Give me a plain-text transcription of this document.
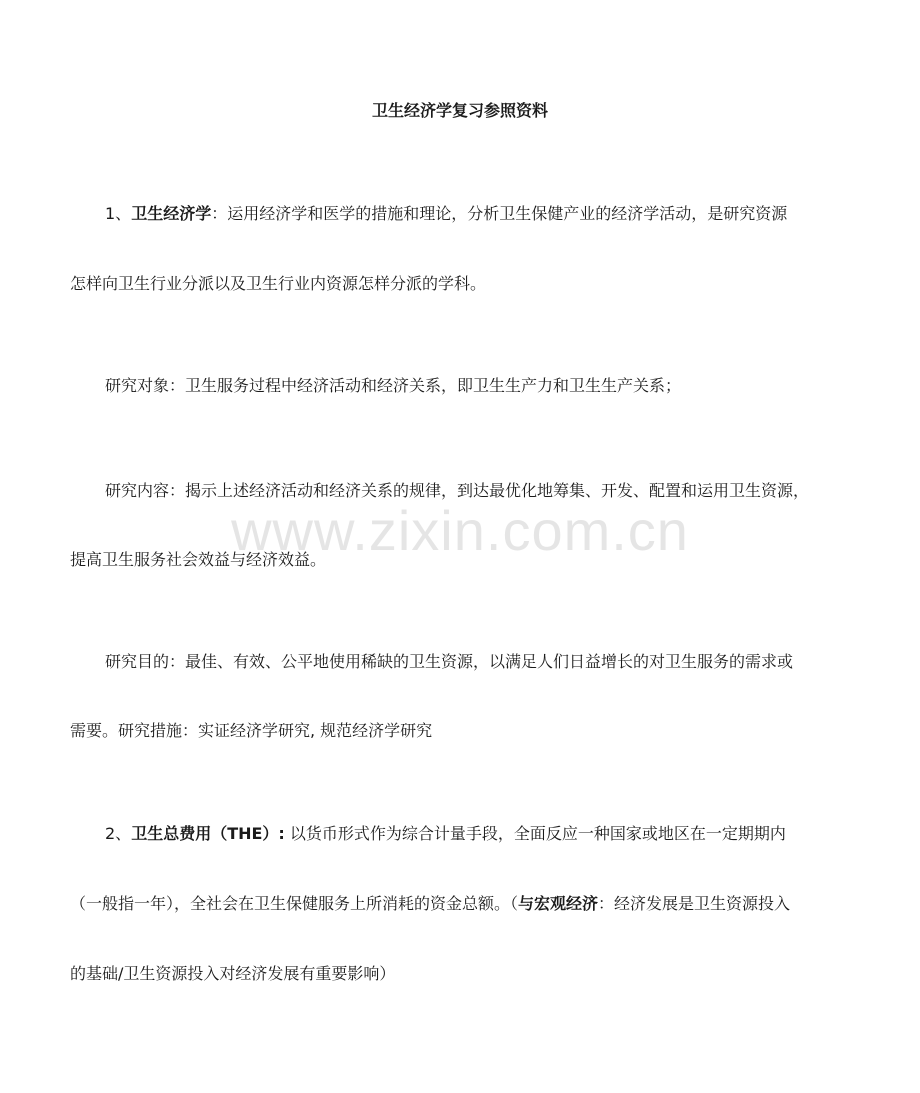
卫生经济学复习参照资料
1、卫生经济学：运用经济学和医学的措施和理论，分析卫生保健产业的经济学活动，是研究资源
怎样向卫生行业分派以及卫生行业内资源怎样分派的学科。
研究对象：卫生服务过程中经济活动和经济关系，即卫生生产力和卫生生产关系；
研究内容：揭示上述经济活动和经济关系的规律，到达最优化地筹集、开发、配置和运用卫生资源，
提高卫生服务社会效益与经济效益。
研究目的：最佳、有效、公平地使用稀缺的卫生资源，以满足人们日益增长的对卫生服务的需求或
需要。研究措施：实证经济学研究, 规范经济学研究
2、卫生总费用（THE）: 以货币形式作为综合计量手段，全面反应一种国家或地区在一定期期内
（一般指一年），全社会在卫生保健服务上所消耗的资金总额。（与宏观经济：经济发展是卫生资源投入
的基础/卫生资源投入对经济发展有重要影响）
www.zixin.com.cn
